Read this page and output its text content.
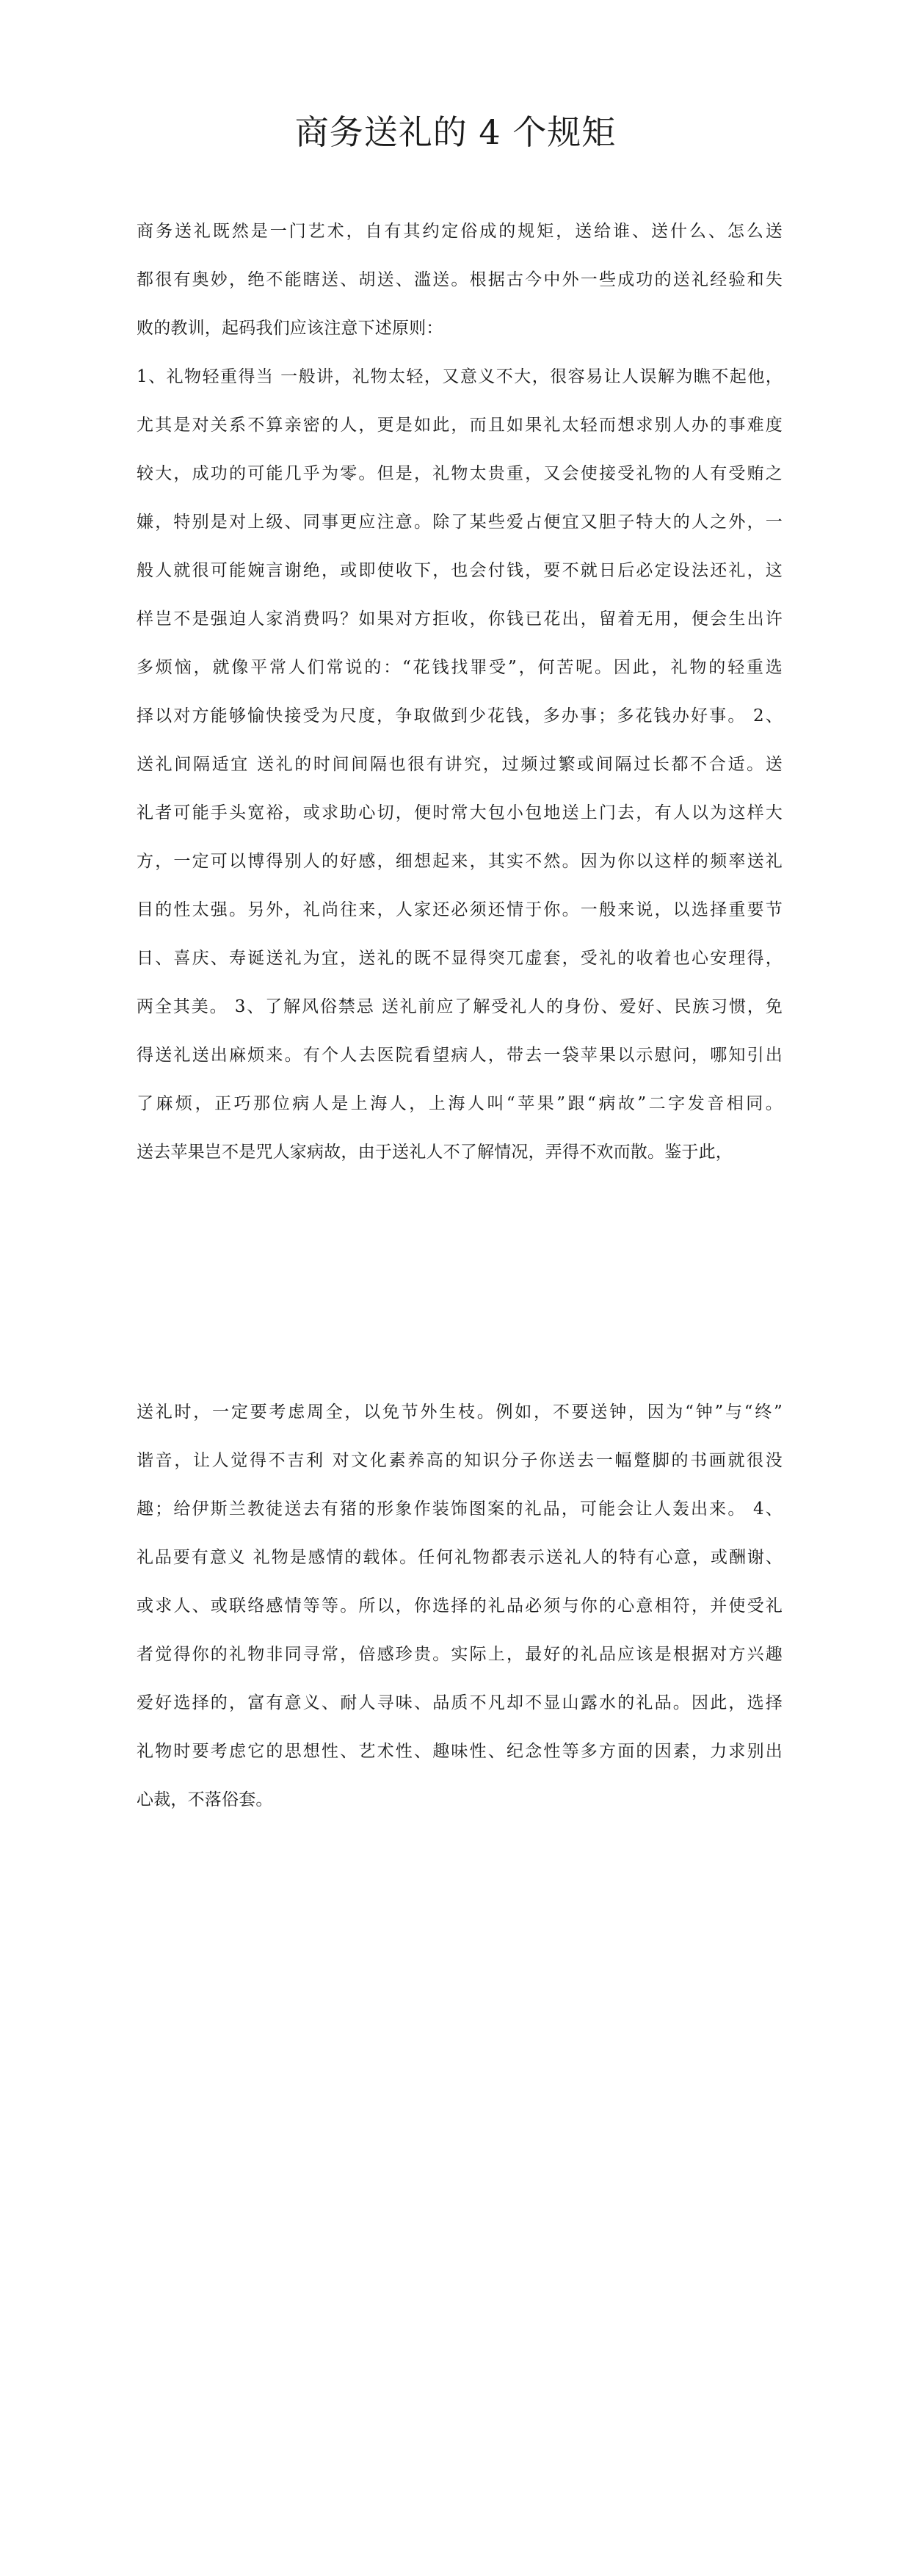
商务送礼的 4 个规矩
商务送礼既然是一门艺术，自有其约定俗成的规矩，送给谁、送什么、怎么送
都很有奥妙，绝不能瞎送、胡送、滥送。根据古今中外一些成功的送礼经验和失
败的教训，起码我们应该注意下述原则：
1、礼物轻重得当 一般讲，礼物太轻，又意义不大，很容易让人误解为瞧不起他，
尤其是对关系不算亲密的人，更是如此，而且如果礼太轻而想求别人办的事难度
较大，成功的可能几乎为零。但是，礼物太贵重，又会使接受礼物的人有受贿之
嫌，特别是对上级、同事更应注意。除了某些爱占便宜又胆子特大的人之外，一
般人就很可能婉言谢绝，或即使收下，也会付钱，要不就日后必定设法还礼，这
样岂不是强迫人家消费吗？如果对方拒收，你钱已花出，留着无用，便会生出许
多烦恼，就像平常人们常说的：“花钱找罪受”，何苦呢。因此，礼物的轻重选
择以对方能够愉快接受为尺度，争取做到少花钱，多办事；多花钱办好事。 2、
送礼间隔适宜 送礼的时间间隔也很有讲究，过频过繁或间隔过长都不合适。送
礼者可能手头宽裕，或求助心切，便时常大包小包地送上门去，有人以为这样大
方，一定可以博得别人的好感，细想起来，其实不然。因为你以这样的频率送礼
目的性太强。另外，礼尚往来，人家还必须还情于你。一般来说，以选择重要节
日、喜庆、寿诞送礼为宜，送礼的既不显得突兀虚套，受礼的收着也心安理得，
两全其美。 3、了解风俗禁忌 送礼前应了解受礼人的身份、爱好、民族习惯，免
得送礼送出麻烦来。有个人去医院看望病人，带去一袋苹果以示慰问，哪知引出
了麻烦，正巧那位病人是上海人，上海人叫“苹果”跟“病故”二字发音相同。
送去苹果岂不是咒人家病故，由于送礼人不了解情况，弄得不欢而散。鉴于此，
送礼时，一定要考虑周全，以免节外生枝。例如，不要送钟，因为“钟”与“终”
谐音，让人觉得不吉利 对文化素养高的知识分子你送去一幅蹩脚的书画就很没
趣；给伊斯兰教徒送去有猪的形象作装饰图案的礼品，可能会让人轰出来。 4、
礼品要有意义 礼物是感情的载体。任何礼物都表示送礼人的特有心意，或酬谢、
或求人、或联络感情等等。所以，你选择的礼品必须与你的心意相符，并使受礼
者觉得你的礼物非同寻常，倍感珍贵。实际上，最好的礼品应该是根据对方兴趣
爱好选择的，富有意义、耐人寻味、品质不凡却不显山露水的礼品。因此，选择
礼物时要考虑它的思想性、艺术性、趣味性、纪念性等多方面的因素，力求别出
心裁，不落俗套。
